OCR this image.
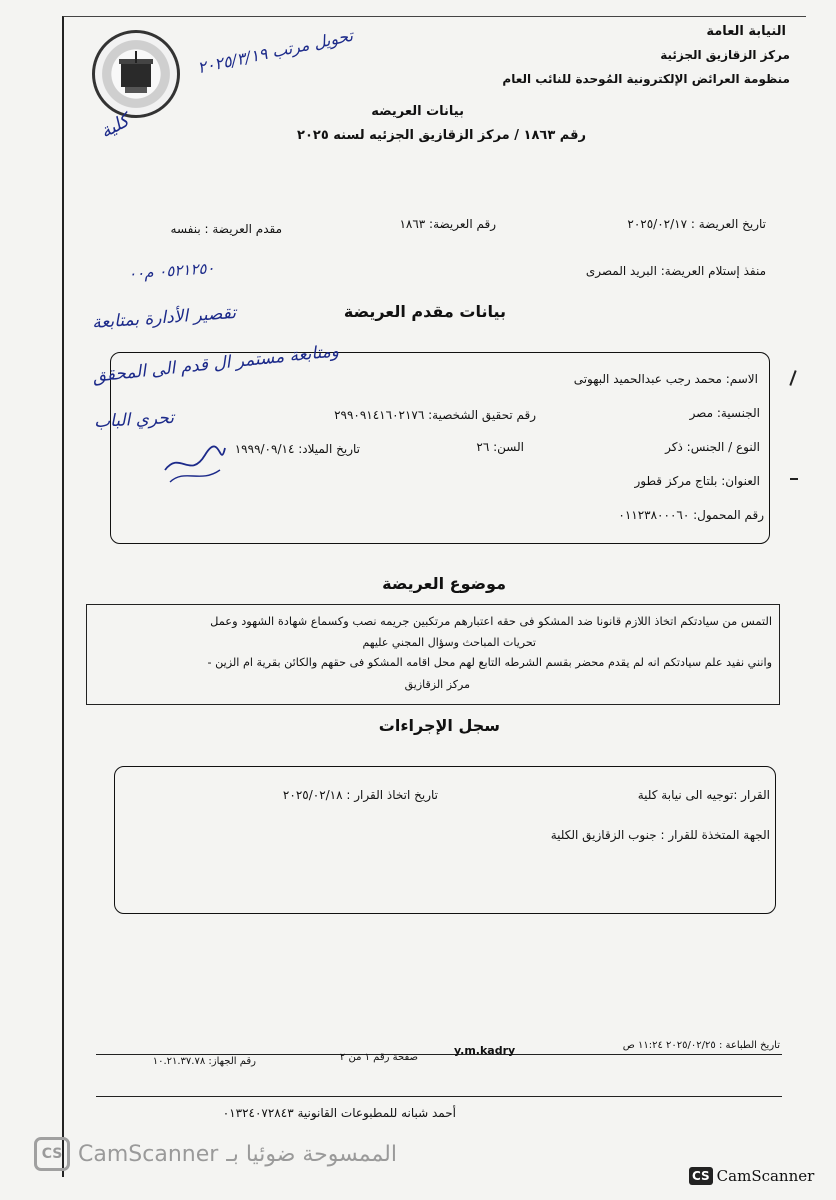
النيابة العامة
مركز الزقازيق الجزئية
منظومة العرائض الإلكترونية المُوحدة للنائب العام
بيانات العريضه
رقم ١٨٦٣ / مركز الزقازيق الجزئيه لسنه ٢٠٢٥
تاريخ العريضة : ٢٠٢٥/٠٢/١٧
رقم العريضة: ١٨٦٣
مقدم العريضة : بنفسه
منفذ إستلام العريضة: البريد المصرى
بيانات مقدم العريضة
الاسم: محمد رجب عبدالحميد البهوتى
الجنسية: مصر
رقم تحقيق الشخصية: ٢٩٩٠٩١٤١٦٠٢١٧٦
النوع / الجنس: ذكر
السن: ٢٦
تاريخ الميلاد: ١٩٩٩/٠٩/١٤
العنوان: بلتاج مركز قطور
رقم المحمول: ٠١١٢٣٨٠٠٠٦٠
موضوع العريضة
التمس من سيادتكم اتخاذ اللازم قانونا ضد المشكو فى حقه اعتبارهم مرتكبين جريمه نصب وكسماع شهادة الشهود وعمل
تحريات المباحث وسؤال المجني عليهم
وانني نفيد علم سيادتكم انه لم يقدم محضر بقسم الشرطه التابع لهم محل اقامه المشكو فى حقهم والكائن بقرية ام الزين -
مركز الزقازيق
سجل الإجراءات
القرار :توجيه الى نيابة كلية
تاريخ اتخاذ القرار : ٢٠٢٥/٠٢/١٨
الجهة المتخذة للقرار : جنوب الزقازيق الكلية
تاريخ الطباعة : ٢٠٢٥/٠٢/٢٥ ١١:٢٤ ص
y.m.kadry
صفحة رقم ١ من ٢
رقم الجهاز: ١٠.٢١.٣٧.٧٨
أحمد شبانه للمطبوعات القانونية ٠١٣٢٤٠٧٢٨٤٣
تحويل مرتب ٢٠٢٥/٣/١٩
كلية
٠٥٢١٢٥٠ م٠٠
تقصير الأدارة بمتابعة
ومتابعة مستمر ال قدم الى المحقق
تحري الباب
CS CamScanner الممسوحة ضوئيا بـ
CS CamScanner
